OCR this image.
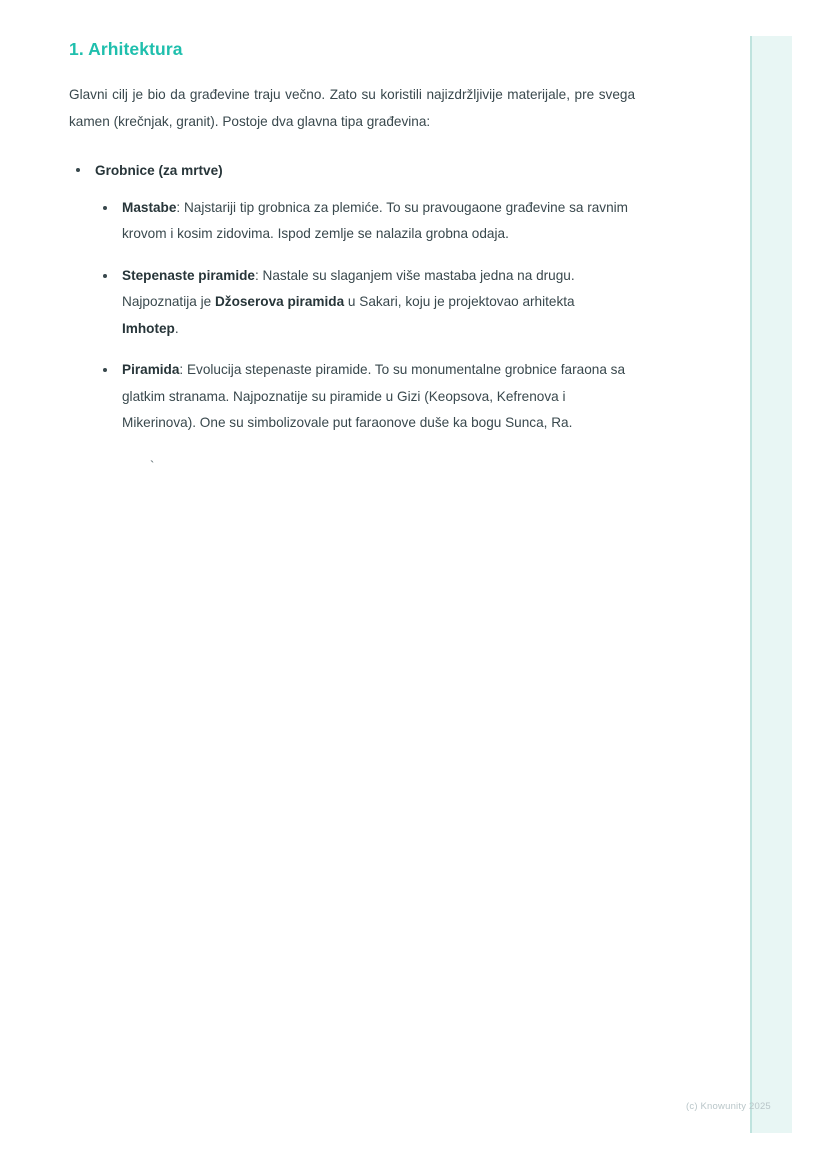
1. Arhitektura

Glavni cilj je bio da građevine traju večno. Zato su koristili najizdržljivije materijale, pre svega kamen (krečnjak, granit). Postoje dva glavna tipa građevina:

Grobnice (za mrtve)
Mastabe: Najstariji tip grobnica za plemiće. To su pravougaone građevine sa ravnim krovom i kosim zidovima. Ispod zemlje se nalazila grobna odaja.
Stepenaste piramide: Nastale su slaganjem više mastaba jedna na drugu. Najpoznatija je Džoserova piramida u Sakari, koju je projektovao arhitekta Imhotep.
Piramida: Evolucija stepenaste piramide. To su monumentalne grobnice faraona sa glatkim stranama. Najpoznatije su piramide u Gizi (Keopsova, Kefrenova i Mikerinova). One su simbolizovale put faraonove duše ka bogu Sunca, Ra.
`
(c) Knowunity 2025
